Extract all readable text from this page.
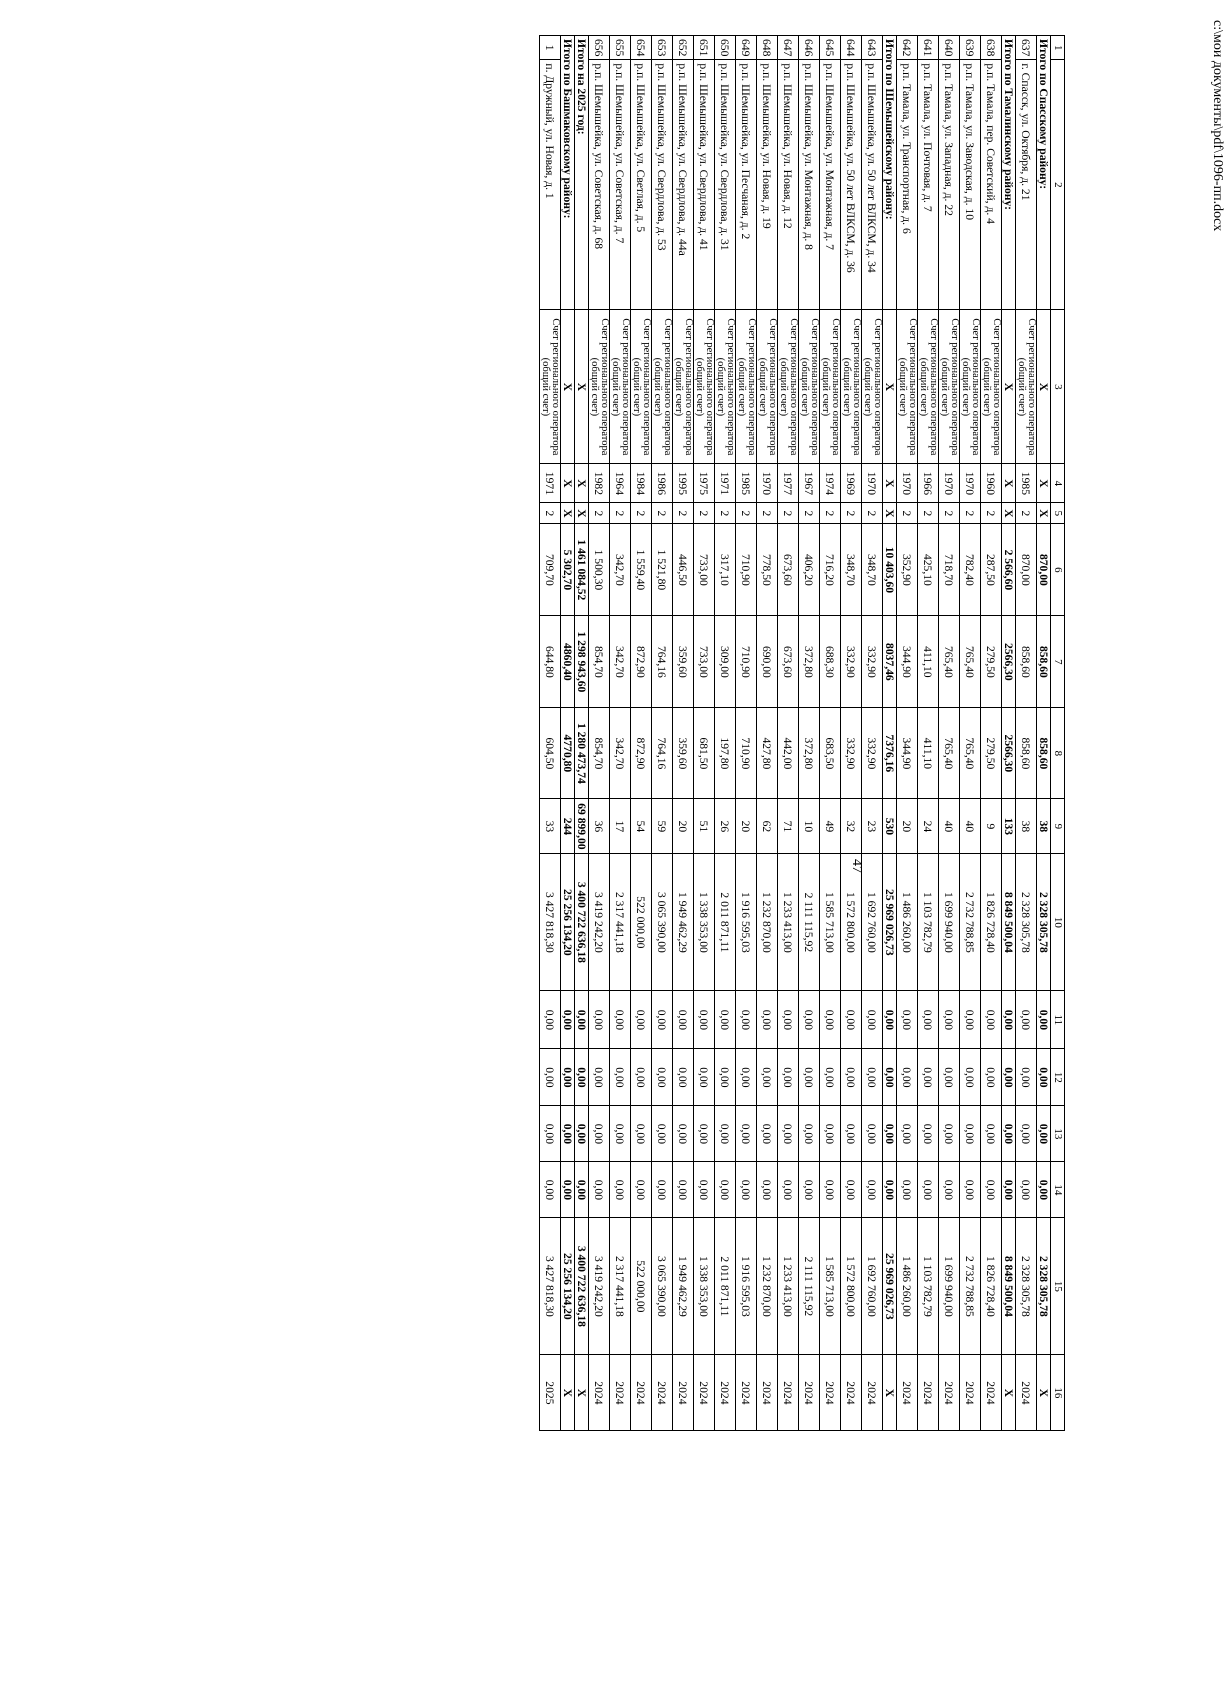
47
1	2	3	4	5	6	7	8	9	10	11	12	13	14	15	16
Итого по Спасскому району:		Х	Х	Х	870,00	858,60	858,60	38	2 328 305,78	0,00	0,00	0,00	0,00	2 328 305,78	Х
637	г. Спасск, ул. Октября, д. 21	Счет регионального оператора (общий счет)	1985	2	870,00	858,60	858,60	38	2 328 305,78	0,00	0,00	0,00	0,00	2 328 305,78	2024
Итого по Тамалинскому району:		Х	Х	Х	2 566,60	2566,30	2566,30	133	8 849 500,04	0,00	0,00	0,00	0,00	8 849 500,04	Х
638	р.п. Тамала, пер. Советский, д. 4	Счет регионального оператора (общий счет)	1960	2	287,50	279,50	279,50	9	1 826 728,40	0,00	0,00	0,00	0,00	1 826 728,40	2024
639	р.п. Тамала, ул. Заводская, д. 10	Счет регионального оператора (общий счет)	1970	2	782,40	765,40	765,40	40	2 732 788,85	0,00	0,00	0,00	0,00	2 732 788,85	2024
640	р.п. Тамала, ул. Западная, д. 22	Счет регионального оператора (общий счет)	1970	2	718,70	765,40	765,40	40	1 699 940,00	0,00	0,00	0,00	0,00	1 699 940,00	2024
641	р.п. Тамала, ул. Почтовая, д. 7	Счет регионального оператора (общий счет)	1966	2	425,10	411,10	411,10	24	1 103 782,79	0,00	0,00	0,00	0,00	1 103 782,79	2024
642	р.п. Тамала, ул. Транспортная, д. 6	Счет регионального оператора (общий счет)	1970	2	352,90	344,90	344,90	20	1 486 260,00	0,00	0,00	0,00	0,00	1 486 260,00	2024
Итого по Шемышейскому району:		Х	Х	Х	10 403,60	8037,46	7376,16	530	25 969 026,73	0,00	0,00	0,00	0,00	25 969 026,73	Х
643	р.п. Шемышейка, ул. 50 лет ВЛКСМ, д. 34	Счет регионального оператора (общий счет)	1970	2	348,70	332,90	332,90	23	1 692 760,00	0,00	0,00	0,00	0,00	1 692 760,00	2024
644	р.п. Шемышейка, ул. 50 лет ВЛКСМ, д. 36	Счет регионального оператора (общий счет)	1969	2	348,70	332,90	332,90	32	1 572 800,00	0,00	0,00	0,00	0,00	1 572 800,00	2024
645	р.п. Шемышейка, ул. Монтажная, д. 7	Счет регионального оператора (общий счет)	1974	2	716,20	688,30	683,50	49	1 585 713,00	0,00	0,00	0,00	0,00	1 585 713,00	2024
646	р.п. Шемышейка, ул. Монтажная, д. 8	Счет регионального оператора (общий счет)	1967	2	406,20	372,80	372,80	10	2 111 115,92	0,00	0,00	0,00	0,00	2 111 115,92	2024
647	р.п. Шемышейка, ул. Новая, д. 12	Счет регионального оператора (общий счет)	1977	2	673,60	673,60	442,00	71	1 233 413,00	0,00	0,00	0,00	0,00	1 233 413,00	2024
648	р.п. Шемышейка, ул. Новая, д. 19	Счет регионального оператора (общий счет)	1970	2	778,50	690,00	427,80	62	1 232 870,00	0,00	0,00	0,00	0,00	1 232 870,00	2024
649	р.п. Шемышейка, ул. Песчаная, д. 2	Счет регионального оператора (общий счет)	1985	2	710,90	710,90	710,90	20	1 916 595,03	0,00	0,00	0,00	0,00	1 916 595,03	2024
650	р.п. Шемышейка, ул. Свердлова, д. 31	Счет регионального оператора (общий счет)	1971	2	317,10	309,00	197,80	26	2 011 871,11	0,00	0,00	0,00	0,00	2 011 871,11	2024
651	р.п. Шемышейка, ул. Свердлова, д. 41	Счет регионального оператора (общий счет)	1975	2	733,00	733,00	681,50	51	1 338 353,00	0,00	0,00	0,00	0,00	1 338 353,00	2024
652	р.п. Шемышейка, ул. Свердлова, д. 44а	Счет регионального оператора (общий счет)	1995	2	446,50	359,60	359,60	20	1 949 462,29	0,00	0,00	0,00	0,00	1 949 462,29	2024
653	р.п. Шемышейка, ул. Свердлова, д. 53	Счет регионального оператора (общий счет)	1986	2	1 521,80	764,16	764,16	59	3 065 390,00	0,00	0,00	0,00	0,00	3 065 390,00	2024
654	р.п. Шемышейка, ул. Светлая, д. 5	Счет регионального оператора (общий счет)	1984	2	1 559,40	872,90	872,90	54	522 000,00	0,00	0,00	0,00	0,00	522 000,00	2024
655	р.п. Шемышейка, ул. Советская, д. 7	Счет регионального оператора (общий счет)	1964	2	342,70	342,70	342,70	17	2 317 441,18	0,00	0,00	0,00	0,00	2 317 441,18	2024
656	р.п. Шемышейка, ул. Советская, д. 68	Счет регионального оператора (общий счет)	1982	2	1 500,30	854,70	854,70	36	3 419 242,20	0,00	0,00	0,00	0,00	3 419 242,20	2024
Итого на 2025 год:		Х	Х	Х	1 461 084,52	1 298 943,60	1 280 473,74	69 899,00	3 400 722 636,18	0,00	0,00	0,00	0,00	3 400 722 636,18	Х
Итого по Башмаковскому району:		Х	Х	Х	5 302,70	4860,40	4770,80	244	25 256 134,20	0,00	0,00	0,00	0,00	25 256 134,20	Х
1	п. Дружный, ул. Новая, д. 1	Счет регионального оператора (общий счет)	1971	2	709,70	644,80	604,50	33	3 427 818,30	0,00	0,00	0,00	0,00	3 427 818,30	2025
c:\мои документы\pdf\1096-пп.docx
